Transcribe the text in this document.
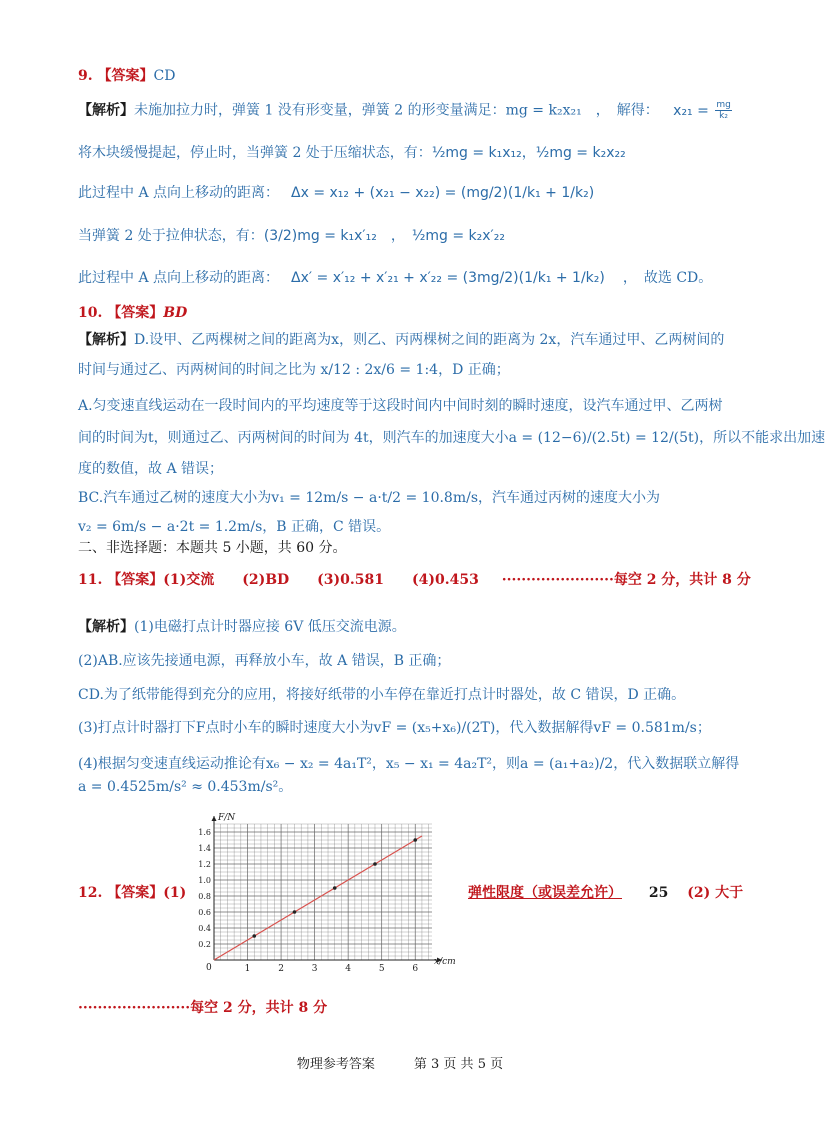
9. 【答案】CD
【解析】未施加拉力时，弹簧 1 没有形变量，弹簧 2 的形变量满足：mg = k₂x₂₁　，　解得： $x_{21} = \frac{mg}{\text{k₂}}$
将木块缓慢提起，停止时，当弹簧 2 处于压缩状态，有：½mg = k₁x₁₂，½mg = k₂x₂₂
此过程中 A 点向上移动的距离： Δx = x₁₂ + (x₂₁ − x₂₂) = (mg/2)(1/k₁ + 1/k₂)
当弹簧 2 处于拉伸状态，有：(3/2)mg = k₁x′₁₂　，　½mg = k₂x′₂₂
此过程中 A 点向上移动的距离： Δx′ = x′₁₂ + x′₂₁ + x′₂₂ = (3mg/2)(1/k₁ + 1/k₂) ，　故选 CD。
10. 【答案】BD
【解析】D.设甲、乙两棵树之间的距离为x，则乙、丙两棵树之间的距离为 2x，汽车通过甲、乙两树间的
时间与通过乙、丙两树间的时间之比为 x/12 : 2x/6 = 1:4，D 正确；
A.匀变速直线运动在一段时间内的平均速度等于这段时间内中间时刻的瞬时速度，设汽车通过甲、乙两树
间的时间为t，则通过乙、丙两树间的时间为 4t，则汽车的加速度大小a = (12−6)/(2.5t) = 12/(5t)，所以不能求出加速
度的数值，故 A 错误；
BC.汽车通过乙树的速度大小为v₁ = 12m/s − a·t/2 = 10.8m/s，汽车通过丙树的速度大小为
v₂ = 6m/s − a·2t = 1.2m/s，B 正确，C 错误。
二、非选择题：本题共 5 小题，共 60 分。
11. 【答案】(1)交流　　(2)BD　　(3)0.581　　(4)0.453 ·······················每空 2 分，共计 8 分
【解析】(1)电磁打点计时器应接 6V 低压交流电源。
(2)AB.应该先接通电源，再释放小车，故 A 错误，B 正确；
CD.为了纸带能得到充分的应用，将接好纸带的小车停在靠近打点计时器处，故 C 错误，D 正确。
(3)打点计时器打下F点时小车的瞬时速度大小为vF = (x₅+x₆)/(2T)，代入数据解得vF = 0.581m/s；
(4)根据匀变速直线运动推论有x₆ − x₂ = 4a₁T²，x₅ − x₁ = 4a₂T²，则a = (a₁+a₂)/2，代入数据联立解得
a = 0.4525m/s² ≈ 0.453m/s²。
12. 【答案】(1)	弹性限度（或误差允许） 25 (2) 大于
·······················每空 2 分，共计 8 分
1	2	3	4	5	6
0.2
0.4
0.6
0.8
1.0
1.2
1.4
1.6
F/N
x/cm
0
物理参考答案　　　第 3 页 共 5 页
